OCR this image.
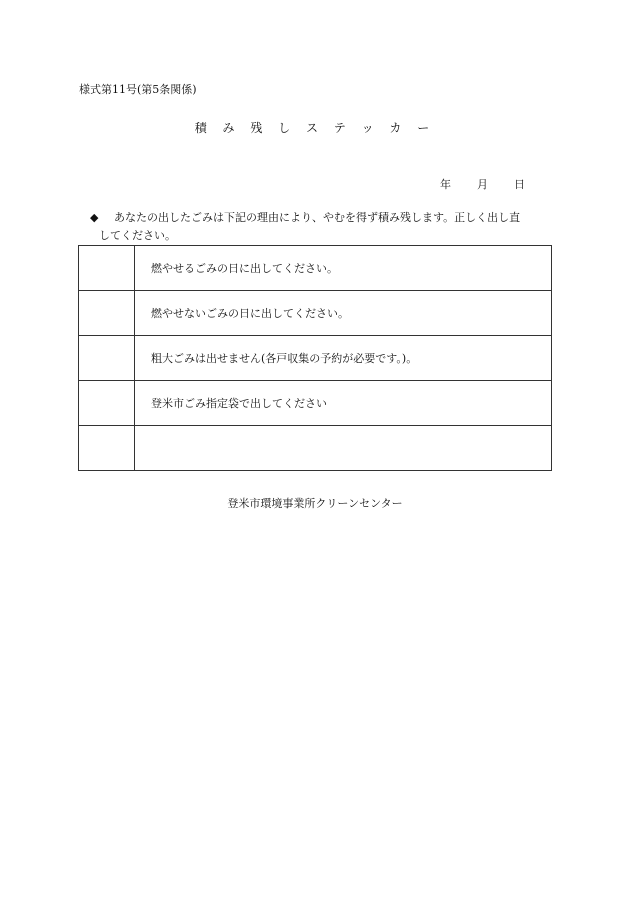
様式第11号(第5条関係)
積 み 残 し ス テ ッ カ ー
年 月 日
◆ あなたの出したごみは下記の理由により、やむを得ず積み残します。正しく出し直
してください。
	燃やせるごみの日に出してください。
	燃やせないごみの日に出してください。
	粗大ごみは出せません(各戸収集の予約が必要です。)。
	登米市ごみ指定袋で出してください

登米市環境事業所クリーンセンター
